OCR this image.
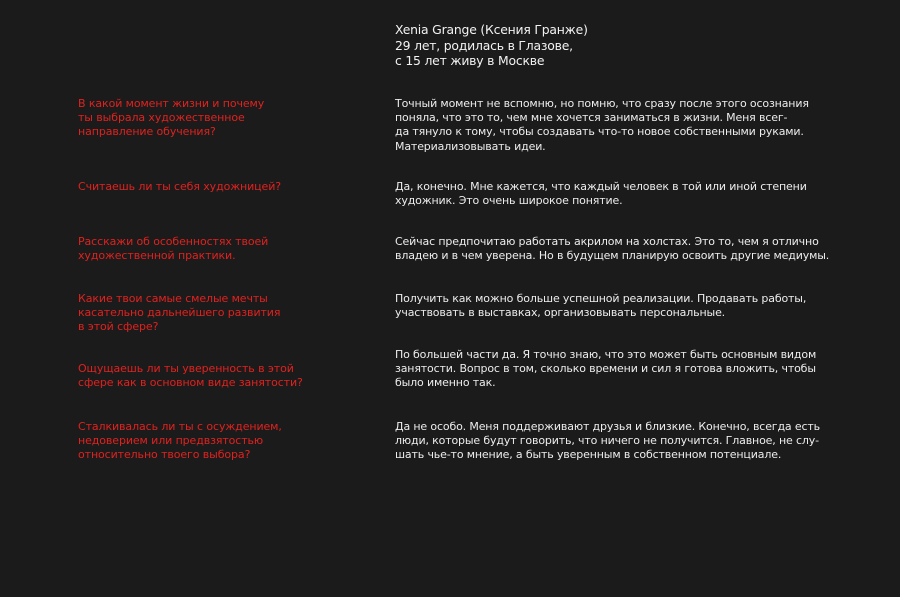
Xenia Grange (Ксения Гранже)
29 лет, родилась в Глазове,
с 15 лет живу в Москве
В какой момент жизни и почему
ты выбрала художественное
направление обучения?
Точный момент не вспомню, но помню, что сразу после этого осознания
поняла, что это то, чем мне хочется заниматься в жизни. Меня всег-
да тянуло к тому, чтобы создавать что-то новое собственными руками.
Материализовывать идеи.
Считаешь ли ты себя художницей?	Да, конечно. Мне кажется, что каждый человек в той или иной степени
художник. Это очень широкое понятие.
Расскажи об особенностях твоей
художественной практики.
Сейчас предпочитаю работать акрилом на холстах. Это то, чем я отлично
владею и в чем уверена. Но в будущем планирую освоить другие медиумы.
Какие твои самые смелые мечты
касательно дальнейшего развития
в этой сфере?
Получить как можно больше успешной реализации. Продавать работы,
участвовать в выставках, организовывать персональные.
Ощущаешь ли ты уверенность в этой
сфере как в основном виде занятости?
По большей части да. Я точно знаю, что это может быть основным видом
занятости. Вопрос в том, сколько времени и сил я готова вложить, чтобы
было именно так.
Сталкивалась ли ты с осуждением,
недоверием или предвзятостью
относительно твоего выбора?
Да не особо. Меня поддерживают друзья и близкие. Конечно, всегда есть
люди, которые будут говорить, что ничего не получится. Главное, не слу-
шать чье-то мнение, а быть уверенным в собственном потенциале.
